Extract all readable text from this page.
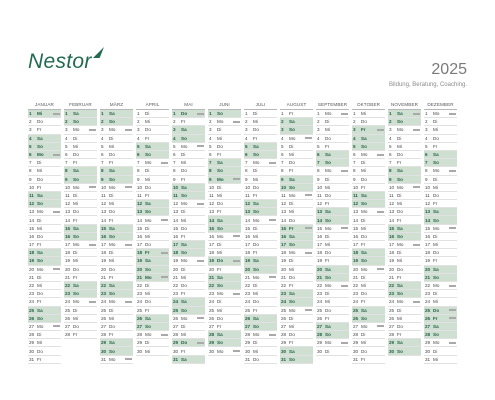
Nestor	2025
Bildung, Beratung, Coaching.
JANUAR
1	Mi
2	Do
3	Fr
4	Sa
5	So
6	Mo
7	Di
8	Mi
9	Do
10 Fr
11 Sa
12 So
13 Mo
14 Di
15 Mi
16 Do
17 Fr
18 Sa
19 So
20 Mo
21 Di
22 Mi
23 Do
24 Fr
25 Sa
26 So
27 Mo
28 Di
29 Mi
30 Do
31 Fr
FEBRUAR
1	Sa
2	So
3	Mo
4	Di
5	Mi
6	Do
7	Fr
8	Sa
9	So
10 Mo
11 Di
12 Mi
13 Do
14 Fr
15 Sa
16 So
17 Mo
18 Di
19 Mi
20 Do
21 Fr
22 Sa
23 So
24 Mo
25 Di
26 Mi
27 Do
28 Fr
MÄRZ
1	Sa
2	So
3	Mo
4	Di
5	Mi
6	Do
7	Fr
8	Sa
9	So
10 Mo
11 Di
12 Mi
13 Do
14 Fr
15 Sa
16 So
17 Mo
18 Di
19 Mi
20 Do
21 Fr
22 Sa
23 So
24 Mo
25 Di
26 Mi
27 Do
28 Fr
29 Sa
30 So
31 Mo
APRIL
1	Di
2	Mi
3	Do
4	Fr
5	Sa
6	So
7	Mo
8	Di
9	Mi
10 Do
11 Fr
12 Sa
13 So
14 Mo
15 Di
16 Mi
17 Do
18 Fr
19 Sa
20 So
21 Mo
22 Di
23 Mi
24 Do
25 Fr
26 Sa
27 So
28 Mo
29 Di
30 Mi
MAI
1	Do
2	Fr
3	Sa
4	So
5	Mo
6	Di
7	Mi
8	Do
9	Fr
10 Sa
11 So
12 Mo
13 Di
14 Mi
15 Do
16 Fr
17 Sa
18 So
19 Mo
20 Di
21 Mi
22 Do
23 Fr
24 Sa
25 So
26 Mo
27 Di
28 Mi
29 Do
30 Fr
31 Sa
JUNI
1	So
2	Mo
3	Di
4	Mi
5	Do
6	Fr
7	Sa
8	So
9	Mo
10 Di
11 Mi
12 Do
13 Fr
14 Sa
15 So
16 Mo
17 Di
18 Mi
19 Do
20 Fr
21 Sa
22 So
23 Mo
24 Di
25 Mi
26 Do
27 Fr
28 Sa
29 So
30 Mo
JULI
1	Di
2	Mi
3	Do
4	Fr
5	Sa
6	So
7	Mo
8	Di
9	Mi
10 Do
11 Fr
12 Sa
13 So
14 Mo
15 Di
16 Mi
17 Do
18 Fr
19 Sa
20 So
21 Mo
22 Di
23 Mi
24 Do
25 Fr
26 Sa
27 So
28 Mo
29 Di
30 Mi
31 Do
AUGUST
1	Fr
2	Sa
3	So
4	Mo
5	Di
6	Mi
7	Do
8	Fr
9	Sa
10 So
11 Mo
12 Di
13 Mi
14 Do
15 Fr
16 Sa
17 So
18 Mo
19 Di
20 Mi
21 Do
22 Fr
23 Sa
24 So
25 Mo
26 Di
27 Mi
28 Do
29 Fr
30 Sa
31 So
SEPTEMBER
1	Mo
2	Di
3	Mi
4	Do
5	Fr
6	Sa
7	So
8	Mo
9	Di
10 Mi
11 Do
12 Fr
13 Sa
14 So
15 Mo
16 Di
17 Mi
18 Do
19 Fr
20 Sa
21 So
22 Mo
23 Di
24 Mi
25 Do
26 Fr
27 Sa
28 So
29 Mo
30 Di
OKTOBER
1	Mi
2	Do
3	Fr
4	Sa
5	So
6	Mo
7	Di
8	Mi
9	Do
10 Fr
11 Sa
12 So
13 Mo
14 Di
15 Mi
16 Do
17 Fr
18 Sa
19 So
20 Mo
21 Di
22 Mi
23 Do
24 Fr
25 Sa
26 So
27 Mo
28 Di
29 Mi
30 Do
31 Fr
NOVEMBER
1	Sa
2	So
3	Mo
4	Di
5	Mi
6	Do
7	Fr
8	Sa
9	So
10 Mo
11 Di
12 Mi
13 Do
14 Fr
15 Sa
16 So
17 Mo
18 Di
19 Mi
20 Do
21 Fr
22 Sa
23 So
24 Mo
25 Di
26 Mi
27 Do
28 Fr
29 Sa
30 So
DEZEMBER
1	Mo
2	Di
3	Mi
4	Do
5	Fr
6	Sa
7	So
8	Mo
9	Di
10 Mi
11 Do
12 Fr
13 Sa
14 So
15 Mo
16 Di
17 Mi
18 Do
19 Fr
20 Sa
21 So
22 Mo
23 Di
24 Mi
25 Do
26 Fr
27 Sa
28 So
29 Mo
30 Di
31 Mi
